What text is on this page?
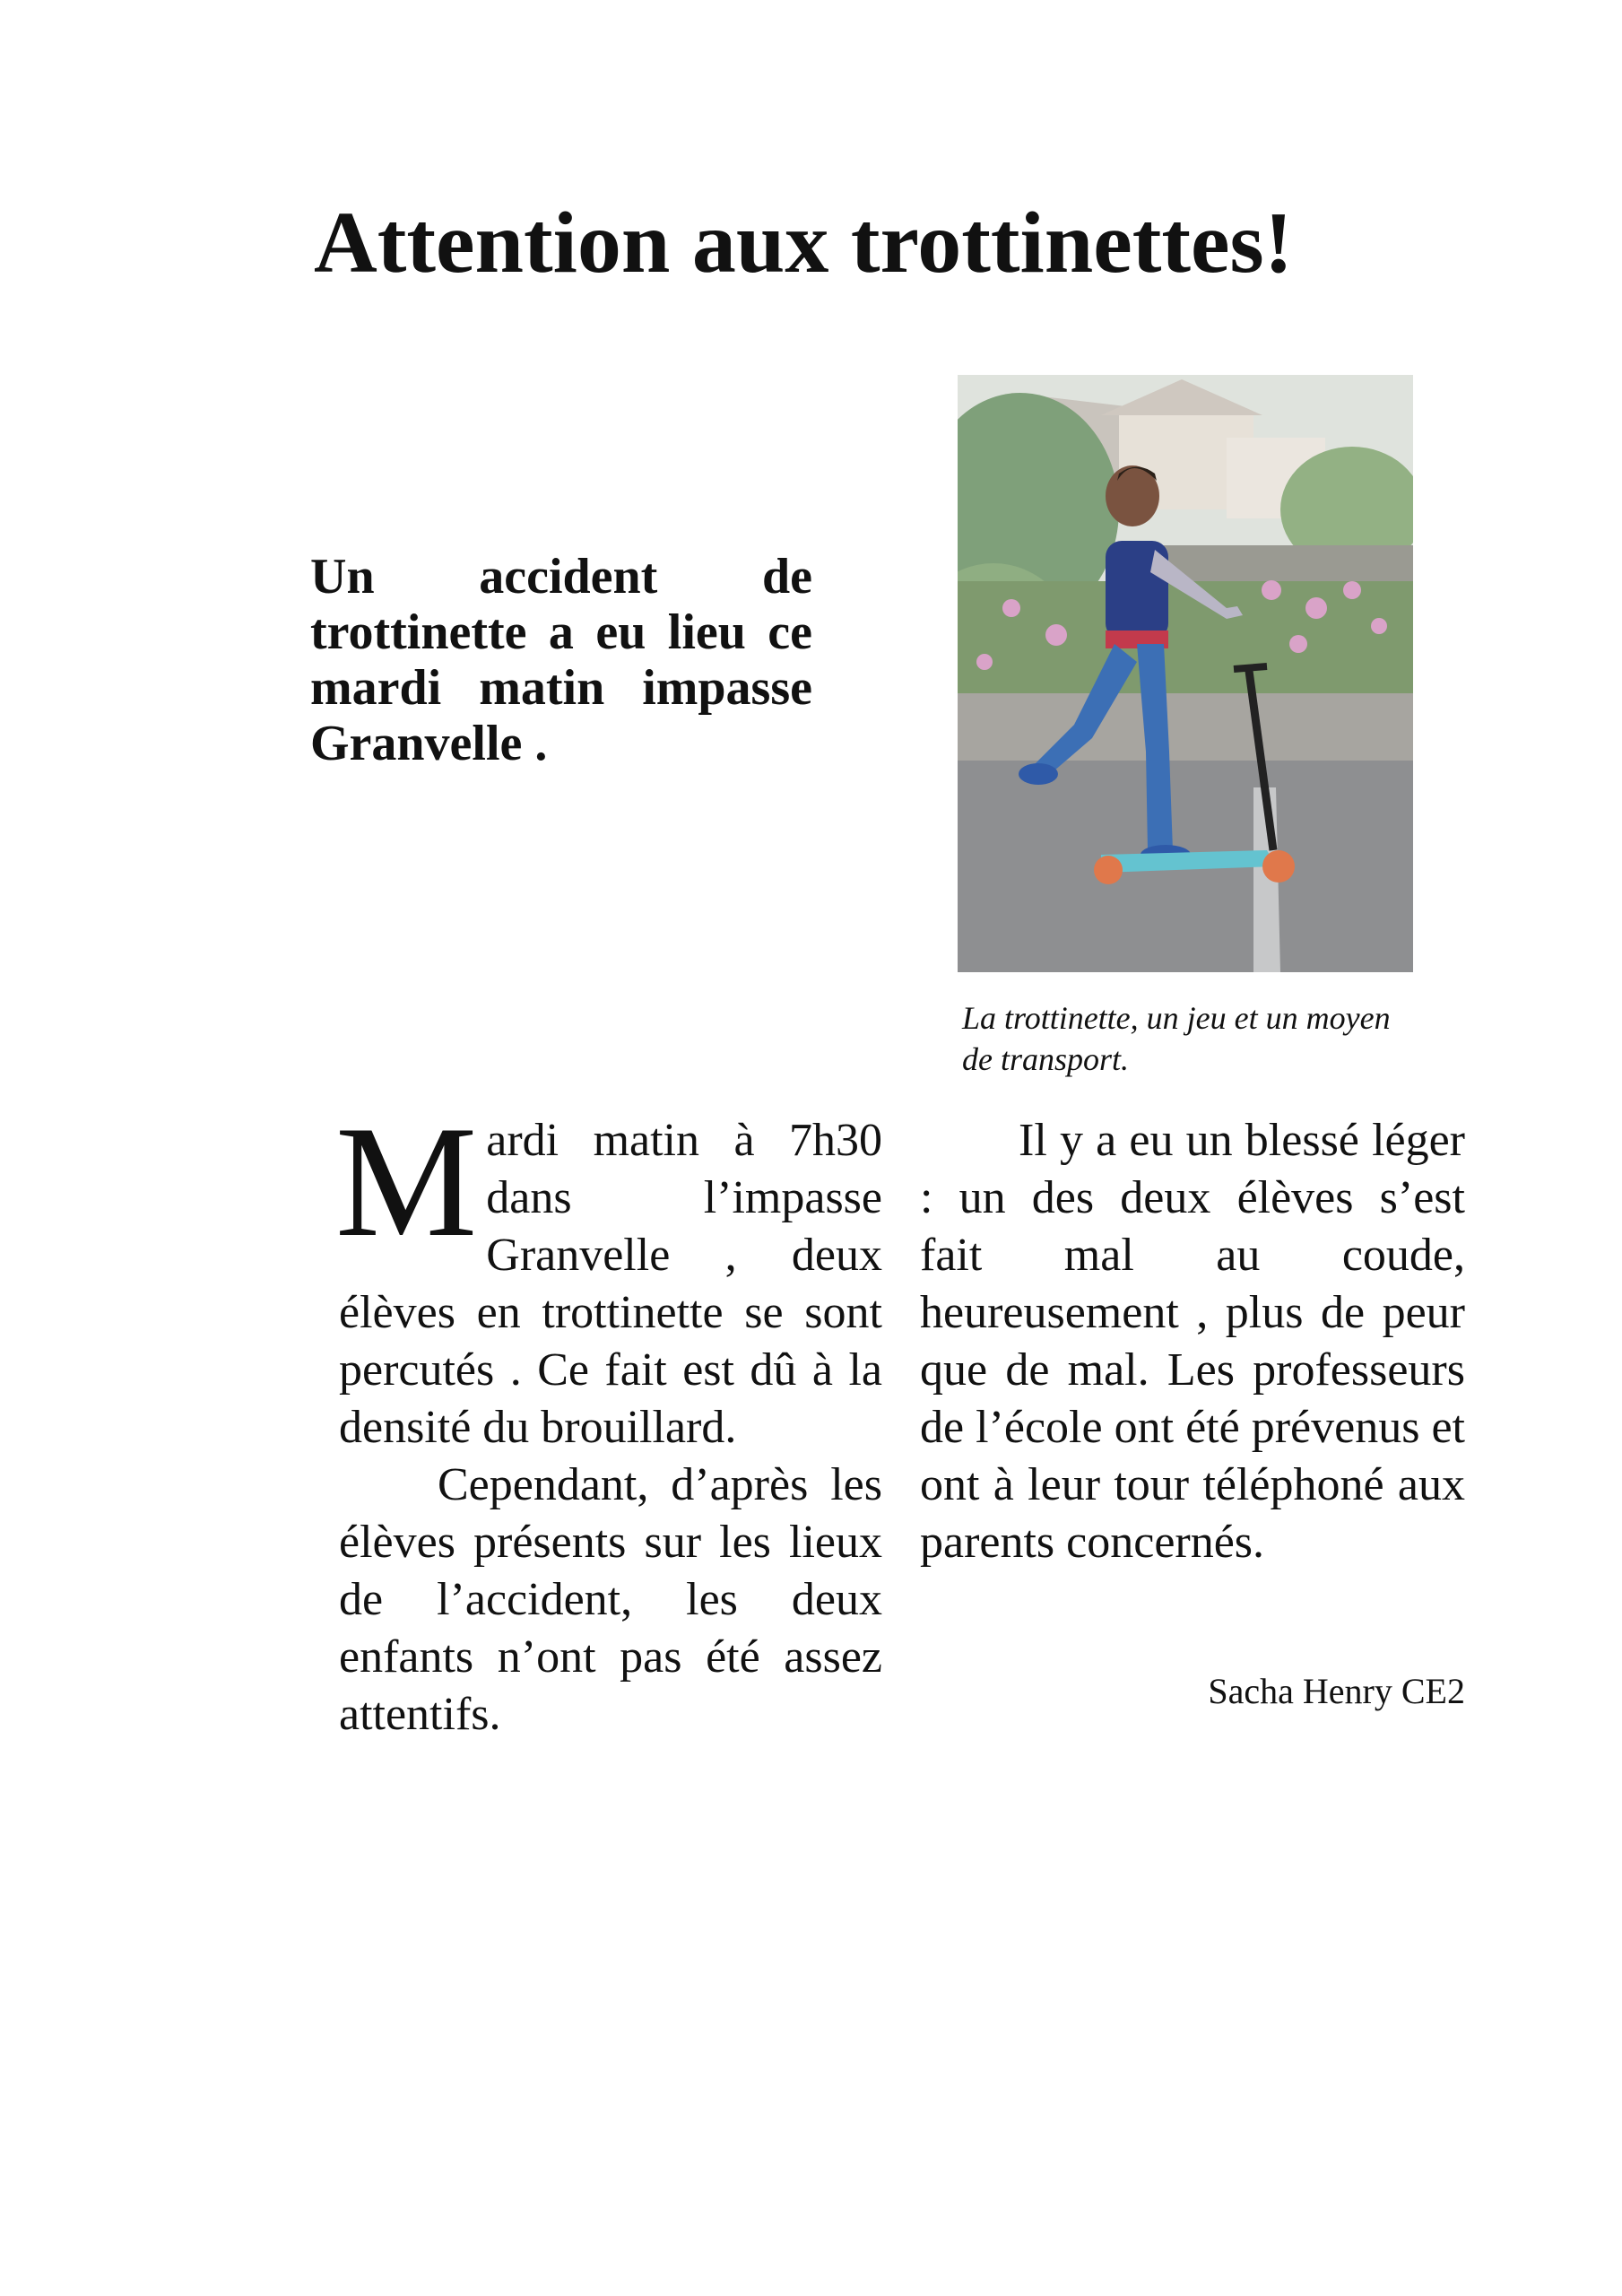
Attention aux trottinettes!

Un accident de trottinette a eu lieu ce mardi matin impasse Granvelle .

La trottinette, un jeu et un moyen de transport.

Mardi matin à 7h30 dans l’impasse Granvelle , deux élèves en trottinette se sont percutés . Ce fait est dû à la densité du brouillard.

Cependant, d’après les élèves présents sur les lieux de l’accident, les deux enfants n’ont pas été assez attentifs.

Il y a eu un blessé léger : un des deux élèves s’est fait mal au coude, heureusement , plus de peur que de mal. Les professeurs de l’école ont été prévenus et ont à leur tour téléphoné aux parents concernés.

Sacha Henry CE2
